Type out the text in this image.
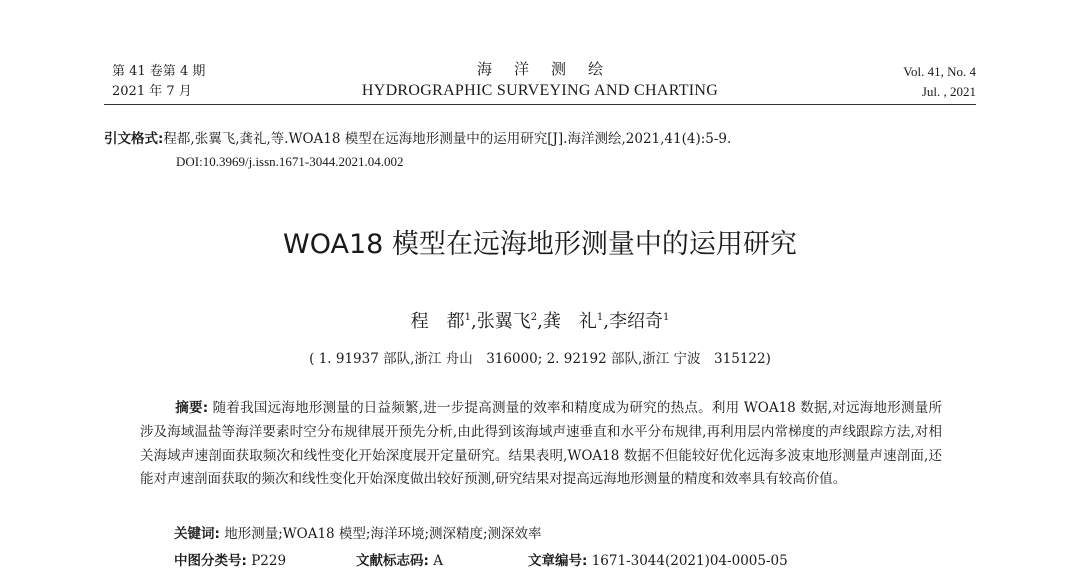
第 41 卷第 4 期
2021 年 7 月
海洋测绘
HYDROGRAPHIC SURVEYING AND CHARTING
Vol. 41, No. 4
Jul. , 2021
引文格式:程都,张翼飞,龚礼,等.WOA18 模型在远海地形测量中的运用研究[J].海洋测绘,2021,41(4):5-9.
DOI:10.3969/j.issn.1671-3044.2021.04.002
WOA18 模型在远海地形测量中的运用研究
程　都$^1$,张翼飞$^2$,龚　礼$^1$,李绍奇$^1$
( 1. 91937 部队,浙江 舟山　316000; 2. 92192 部队,浙江 宁波　315122)
摘要: 随着我国远海地形测量的日益频繁,进一步提高测量的效率和精度成为研究的热点。利用 WOA18 数据,对远海地形测量所涉及海域温盐等海洋要素时空分布规律展开预先分析,由此得到该海域声速垂直和水平分布规律,再利用层内常梯度的声线跟踪方法,对相关海域声速剖面获取频次和线性变化开始深度展开定量研究。结果表明,WOA18 数据不但能较好优化远海多波束地形测量声速剖面,还能对声速剖面获取的频次和线性变化开始深度做出较好预测,研究结果对提高远海地形测量的精度和效率具有较高价值。
关键词: 地形测量;WOA18 模型;海洋环境;测深精度;测深效率
中图分类号: P229	文献标志码: A	文章编号: 1671-3044(2021)04-0005-05
